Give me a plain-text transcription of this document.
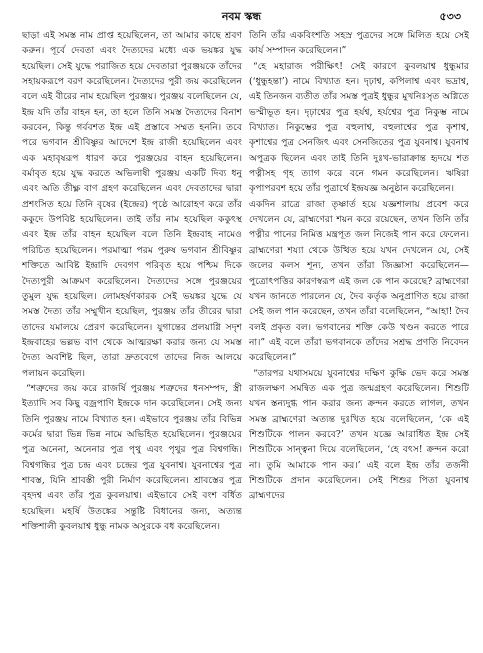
নবম স্কন্ধ	৫৩৩

ছাড়া এই সমস্ত নাম প্রাপ্ত হয়েছিলেন, তা আমার কাছে শ্রবণ করুন। পূর্বে দেবতা এবং দৈত্যদের মধ্যে এক ভয়ঙ্কর যুদ্ধ হয়েছিল। সেই যুদ্ধে পরাজিত হয়ে দেবতারা পুরঞ্জয়কে তাঁদের সহায়করূপে বরণ করেছিলেন। দৈত্যদের পুরী জয় করেছিলেন বলে এই বীরের নাম হয়েছিল পুরঞ্জয়। পুরঞ্জয় বলেছিলেন যে, ইন্দ্র যদি তাঁর বাহন হন, তা হলে তিনি সমস্ত দৈত্যদের বিনাশ করবেন, কিন্তু গর্ববশত ইন্দ্র এই প্রস্তাবে সম্মত হননি। তবে পরে ভগবান শ্রীবিষ্ণুর আদেশে ইন্দ্র রাজী হয়েছিলেন এবং এক মহাবৃষরূপ ধারণ করে পুরঞ্জয়ের বাহন হয়েছিলেন। বর্মাবৃত হয়ে যুদ্ধ করতে অভিলাষী পুরঞ্জয় একটি দিব্য ধনু এবং অতি তীক্ষ্ণ বাণ গ্রহণ করেছিলেন এবং দেবতাদের দ্বারা প্রশংসিত হয়ে তিনি বৃষের (ইন্দ্রের) পৃষ্ঠে আরোহণ করে তাঁর ককুদে উপবিষ্ট হয়েছিলেন। তাই তাঁর নাম হয়েছিল ককুৎস্থ এবং ইন্দ্র তাঁর বাহন হয়েছিল বলে তিনি ইন্দ্রবাহ নামেও পরিচিত হয়েছিলেন। পরমাত্মা পরম পুরুষ ভগবান শ্রীবিষ্ণুর শক্তিতে আবিষ্ট ইন্দ্রাদি দেবগণ পরিবৃত হয়ে পশ্চিম দিকে দৈত্যপুরী আক্রমণ করেছিলেন। দৈত্যদের সঙ্গে পুরঞ্জয়ের তুমুল যুদ্ধ হয়েছিল। লোমহর্ষণকারক সেই ভয়ঙ্কর যুদ্ধে যে সমস্ত দৈত্য তাঁর সম্মুখীন হয়েছিল, পুরঞ্জয় তাঁর তীরের দ্বারা তাদের যমালয়ে প্রেরণ করেছিলেন। যুগান্তের প্রলয়াগ্নি সদৃশ ইন্দ্রবাহের ভল্লভ বাণ থেকে আত্মরক্ষা করার জন্য যে সমস্ত দৈত্য অবশিষ্ট ছিল, তারা দ্রুতবেগে তাদের নিজ আলয়ে পলায়ন করেছিল।

“শত্রুদের জয় করে রাজর্ষি পুরঞ্জয় শত্রুদের ধনসম্পদ, স্ত্রী ইত্যাদি সব কিছু বজ্রপাণি ইন্দ্রকে দান করেছিলেন। সেই জন্য তিনি পুরঞ্জয় নামে বিখ্যাত হন। এইভাবে পুরঞ্জয় তাঁর বিভিন্ন কর্মের দ্বারা ভিন্ন ভিন্ন নামে অভিহিত হয়েছিলেন। পুরঞ্জয়ের পুত্র অনেনা, অনেনার পুত্র পৃথু এবং পৃথুর পুত্র বিশ্বগন্ধি। বিশ্বগন্ধির পুত্র চন্দ্র এবং চন্দ্রের পুত্র যুবনাশ্ব। যুবনাশ্বের পুত্র শাবস্ত, যিনি শ্রাবস্তী পুরী নির্মাণ করেছিলেন। শ্রাবস্তের পুত্র বৃহদশ্ব এবং তাঁর পুত্র কুবলয়াশ্ব। এইভাবে সেই বংশ বর্ধিত হয়েছিল। মহর্ষি উতঙ্কের সন্তুষ্টি বিধানের জন্য, অত্যন্ত শক্তিশালী কুবলয়াশ্ব ধুন্ধু নামক অসুরকে বধ করেছিলেন।

তিনি তাঁর একবিংশতি সহস্র পুত্রদের সঙ্গে মিলিত হয়ে সেই কার্য সম্পাদন করেছিলেন।”

“হে মহারাজ পরীক্ষিৎ! সেই কারণে কুবলয়াশ্ব ধুন্ধুমার (‘ধুন্ধুহন্তা’) নামে বিখ্যাত হন। দৃঢ়াশ্ব, কপিলাশ্ব এবং ভদ্রাশ্ব, এই তিনজন ব্যতীত তাঁর সমস্ত পুত্রই ধুন্ধুর মুখনিঃসৃত অগ্নিতে ভস্মীভূত হন। দৃঢ়াশ্বের পুত্র হর্যশ্ব, হর্যশ্বের পুত্র নিকুম্ভ নামে বিখ্যাত। নিকুম্ভের পুত্র বহুলাশ্ব, বহুলাশ্বের পুত্র কৃশাশ্ব, কৃশাশ্বের পুত্র সেনজিৎ এবং সেনজিতের পুত্র যুবনাশ্ব। যুবনাশ্ব অপুত্রক ছিলেন এবং তাই তিনি দুঃখ-ভারাক্রান্ত হৃদয়ে শত পত্নীসহ গৃহ ত্যাগ করে বনে গমন করেছিলেন। ঋষিরা কৃপাপরবশ হয়ে তাঁর পুত্রার্থে ইন্দ্রযজ্ঞ অনুষ্ঠান করেছিলেন।

একদিন রাত্রে রাজা তৃষ্ণার্ত হয়ে যজ্ঞশালায় প্রবেশ করে দেখলেন যে, ব্রাহ্মণেরা শয়ন করে রয়েছেন, তখন তিনি তাঁর পত্নীর পানের নিমিত্ত মন্ত্রপূত জল নিজেই পান করে ফেলেন। ব্রাহ্মণেরা শয্যা থেকে উত্থিত হয়ে যখন দেখলেন যে, সেই জলের কলস শূন্য, তখন তাঁরা জিজ্ঞাসা করেছিলেন—পুত্রোৎপত্তির কারণস্বরূপ এই জল কে পান করেছে? ব্রাহ্মণেরা যখন জানতে পারলেন যে, দৈব কর্তৃক অনুপ্রাণিত হয়ে রাজা সেই জল পান করেছেন, তখন তাঁরা বলেছিলেন, “আহা! দৈব বলই প্রকৃত বল। ভগবানের শক্তি কেউ খণ্ডন করতে পারে না।” এই বলে তাঁরা ভগবানকে তাঁদের সশ্রদ্ধ প্রণতি নিবেদন করেছিলেন।”

“তারপর যথাসময়ে যুবনাশ্বের দক্ষিণ কুক্ষি ভেদ করে সমস্ত রাজলক্ষণ সমন্বিত এক পুত্র জন্মগ্রহণ করেছিলেন। শিশুটি যখন স্তন্যদুগ্ধ পান করার জন্য ক্রন্দন করতে লাগল, তখন সমস্ত ব্রাহ্মণেরা অত্যন্ত দুঃখিত হয়ে বলেছিলেন, ‘কে এই শিশুটিকে পালন করবে?’ তখন যজ্ঞে আরাধিত ইন্দ্র সেই শিশুটিকে সান্ত্বনা দিয়ে বলেছিলেন, ‘হে বৎস! ক্রন্দন করো না। তুমি আমাকে পান কর।’ এই বলে ইন্দ্র তাঁর তর্জনী শিশুটিকে প্রদান করেছিলেন। সেই শিশুর পিতা যুবনাশ্ব ব্রাহ্মণদের
